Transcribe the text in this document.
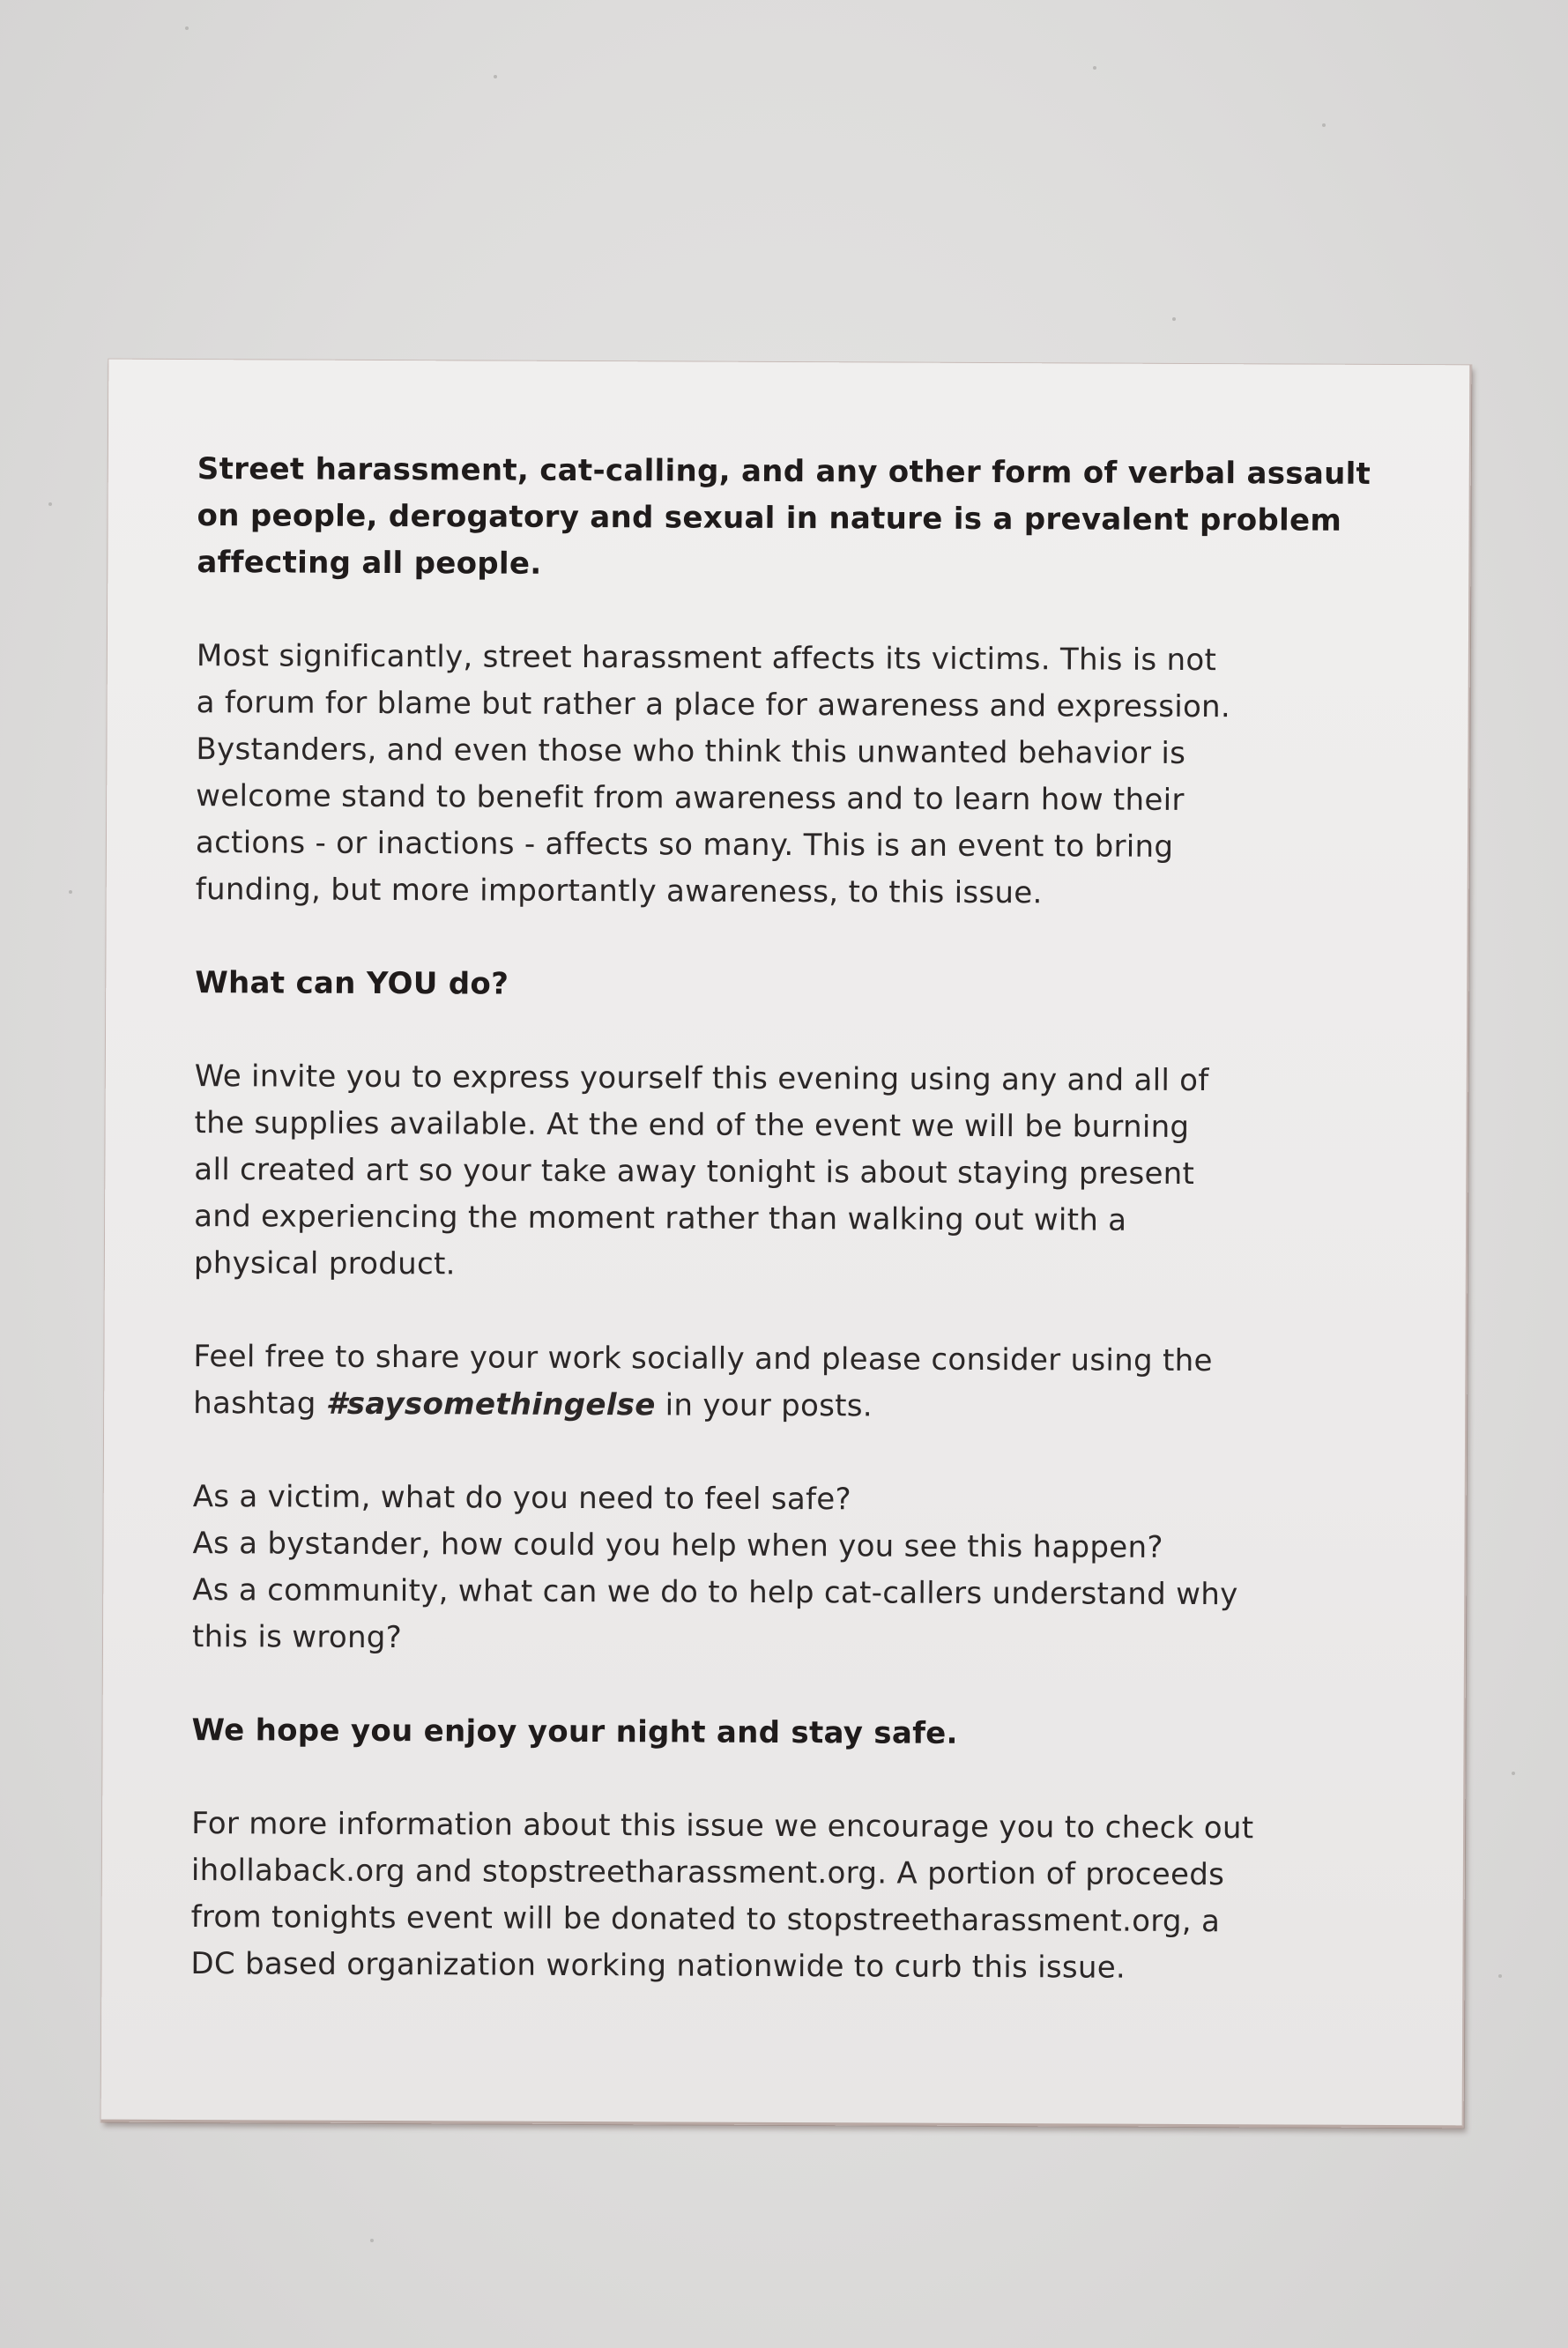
Street harassment, cat-calling, and any other form of verbal assault
on people, derogatory and sexual in nature is a prevalent problem
affecting all people.

Most significantly, street harassment affects its victims. This is not
a forum for blame but rather a place for awareness and expression.
Bystanders, and even those who think this unwanted behavior is
welcome stand to benefit from awareness and to learn how their
actions - or inactions - affects so many. This is an event to bring
funding, but more importantly awareness, to this issue.

What can YOU do?

We invite you to express yourself this evening using any and all of
the supplies available. At the end of the event we will be burning
all created art so your take away tonight is about staying present
and experiencing the moment rather than walking out with a
physical product.

Feel free to share your work socially and please consider using the
hashtag #saysomethingelse in your posts.

As a victim, what do you need to feel safe?
As a bystander, how could you help when you see this happen?
As a community, what can we do to help cat-callers understand why
this is wrong?

We hope you enjoy your night and stay safe.

For more information about this issue we encourage you to check out
ihollaback.org and stopstreetharassment.org. A portion of proceeds
from tonights event will be donated to stopstreetharassment.org, a
DC based organization working nationwide to curb this issue.
